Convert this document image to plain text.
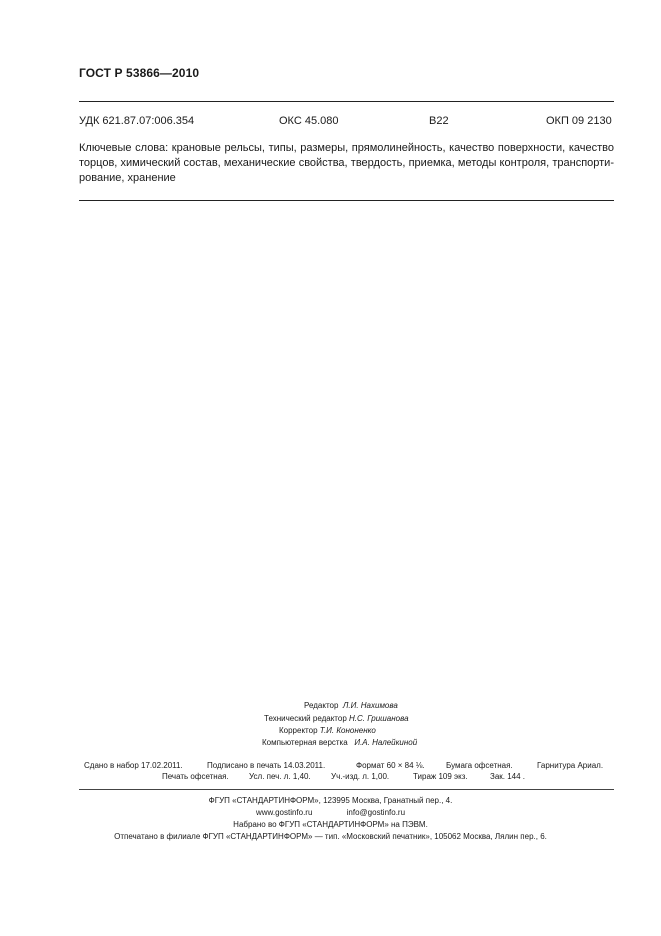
ГОСТ Р 53866—2010
УДК 621.87.07:006.354	ОКС 45.080	В22	ОКП 09 2130
Ключевые слова: крановые рельсы, типы, размеры, прямолинейность, качество поверхности, качество
торцов, химический состав, механические свойства, твердость, приемка, методы контроля, транспорти-
рование, хранение
Редактор Л.И. Нахимова
Технический редактор Н.С. Гришанова
Корректор Т.И. Кононенко
Компьютерная верстка И.А. Налейкиной
Сдано в набор 17.02.2011.	Подписано в печать 14.03.2011.	Формат 60 × 84 ⅛.	Бумага офсетная.	Гарнитура Ариал.
Печать офсетная.	Усл. печ. л. 1,40.	Уч.-изд. л. 1,00.	Тираж 109 экз.	Зак. 144 .
ФГУП «СТАНДАРТИНФОРМ», 123995 Москва, Гранатный пер., 4.
www.gostinfo.ru	info@gostinfo.ru
Набрано во ФГУП «СТАНДАРТИНФОРМ» на ПЭВМ.
Отпечатано в филиале ФГУП «СТАНДАРТИНФОРМ» — тип. «Московский печатник», 105062 Москва, Лялин пер., 6.
